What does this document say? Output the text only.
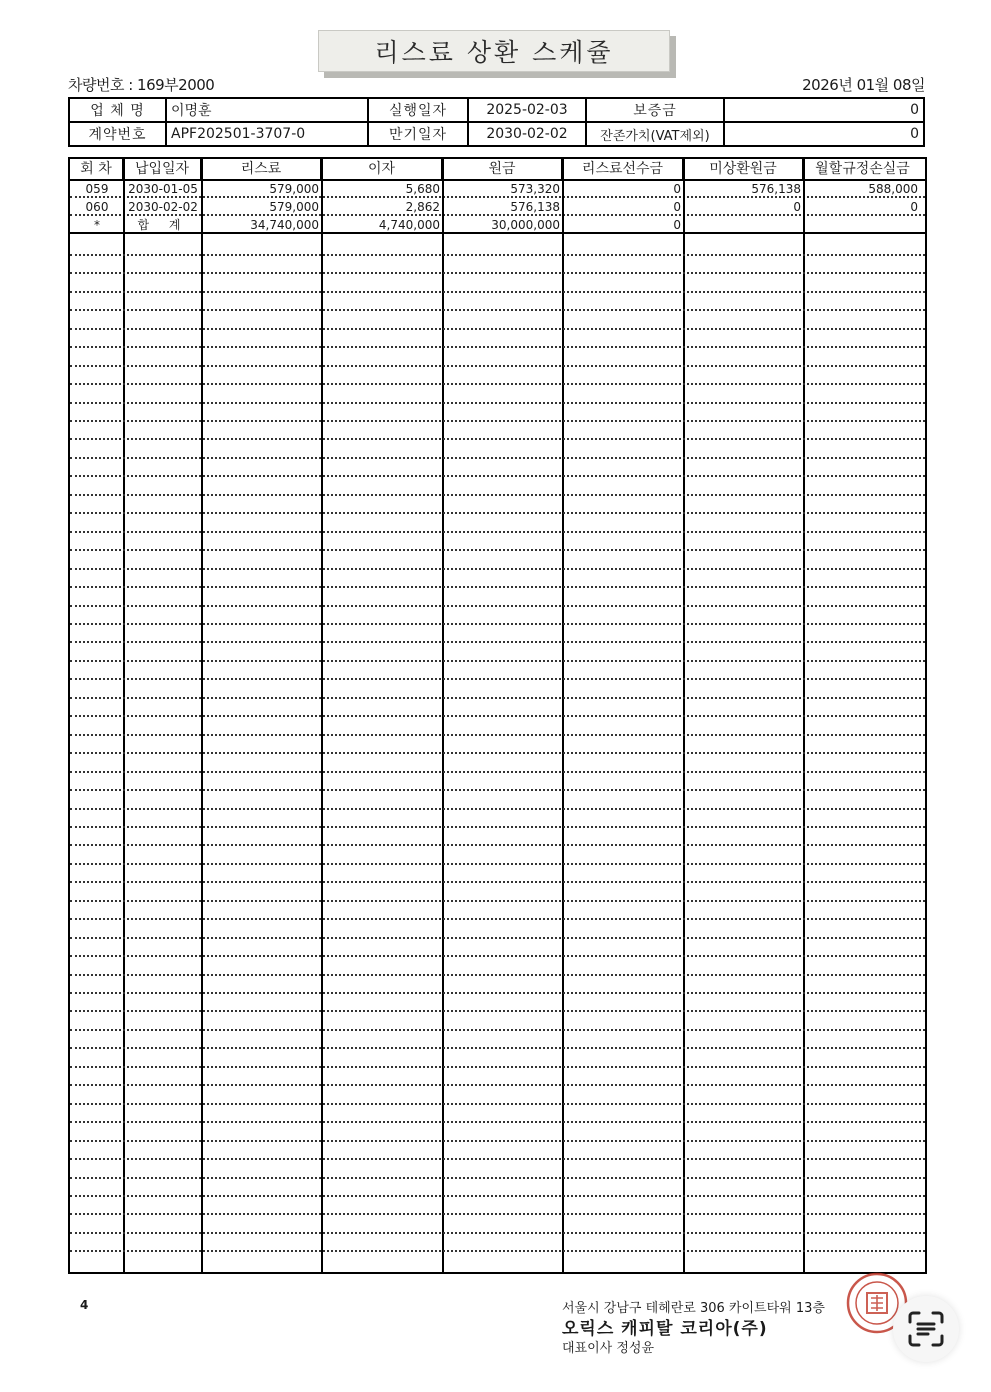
리스료 상환 스케쥴
차량번호 : 169부2000	2026년 01월 08일
업 체 명	이명훈	실행일자	2025-02-03	보증금	0
계약번호	APF202501-3707-0	만기일자	2030-02-02	잔존가치(VAT제외)	0
회 차	납입일자	리스료	이자	원금	리스료선수금	미상환원금	월할규정손실금
059	2030-01-05	579,000	5,680	573,320	0	576,138	588,000
060	2030-02-02	579,000	2,862	576,138	0	0	0
*	합 계	34,740,000	4,740,000	30,000,000	0
4	서울시 강남구 테헤란로 306 카이트타워 13층
오릭스 캐피탈 코리아(주)
대표이사 정성윤
